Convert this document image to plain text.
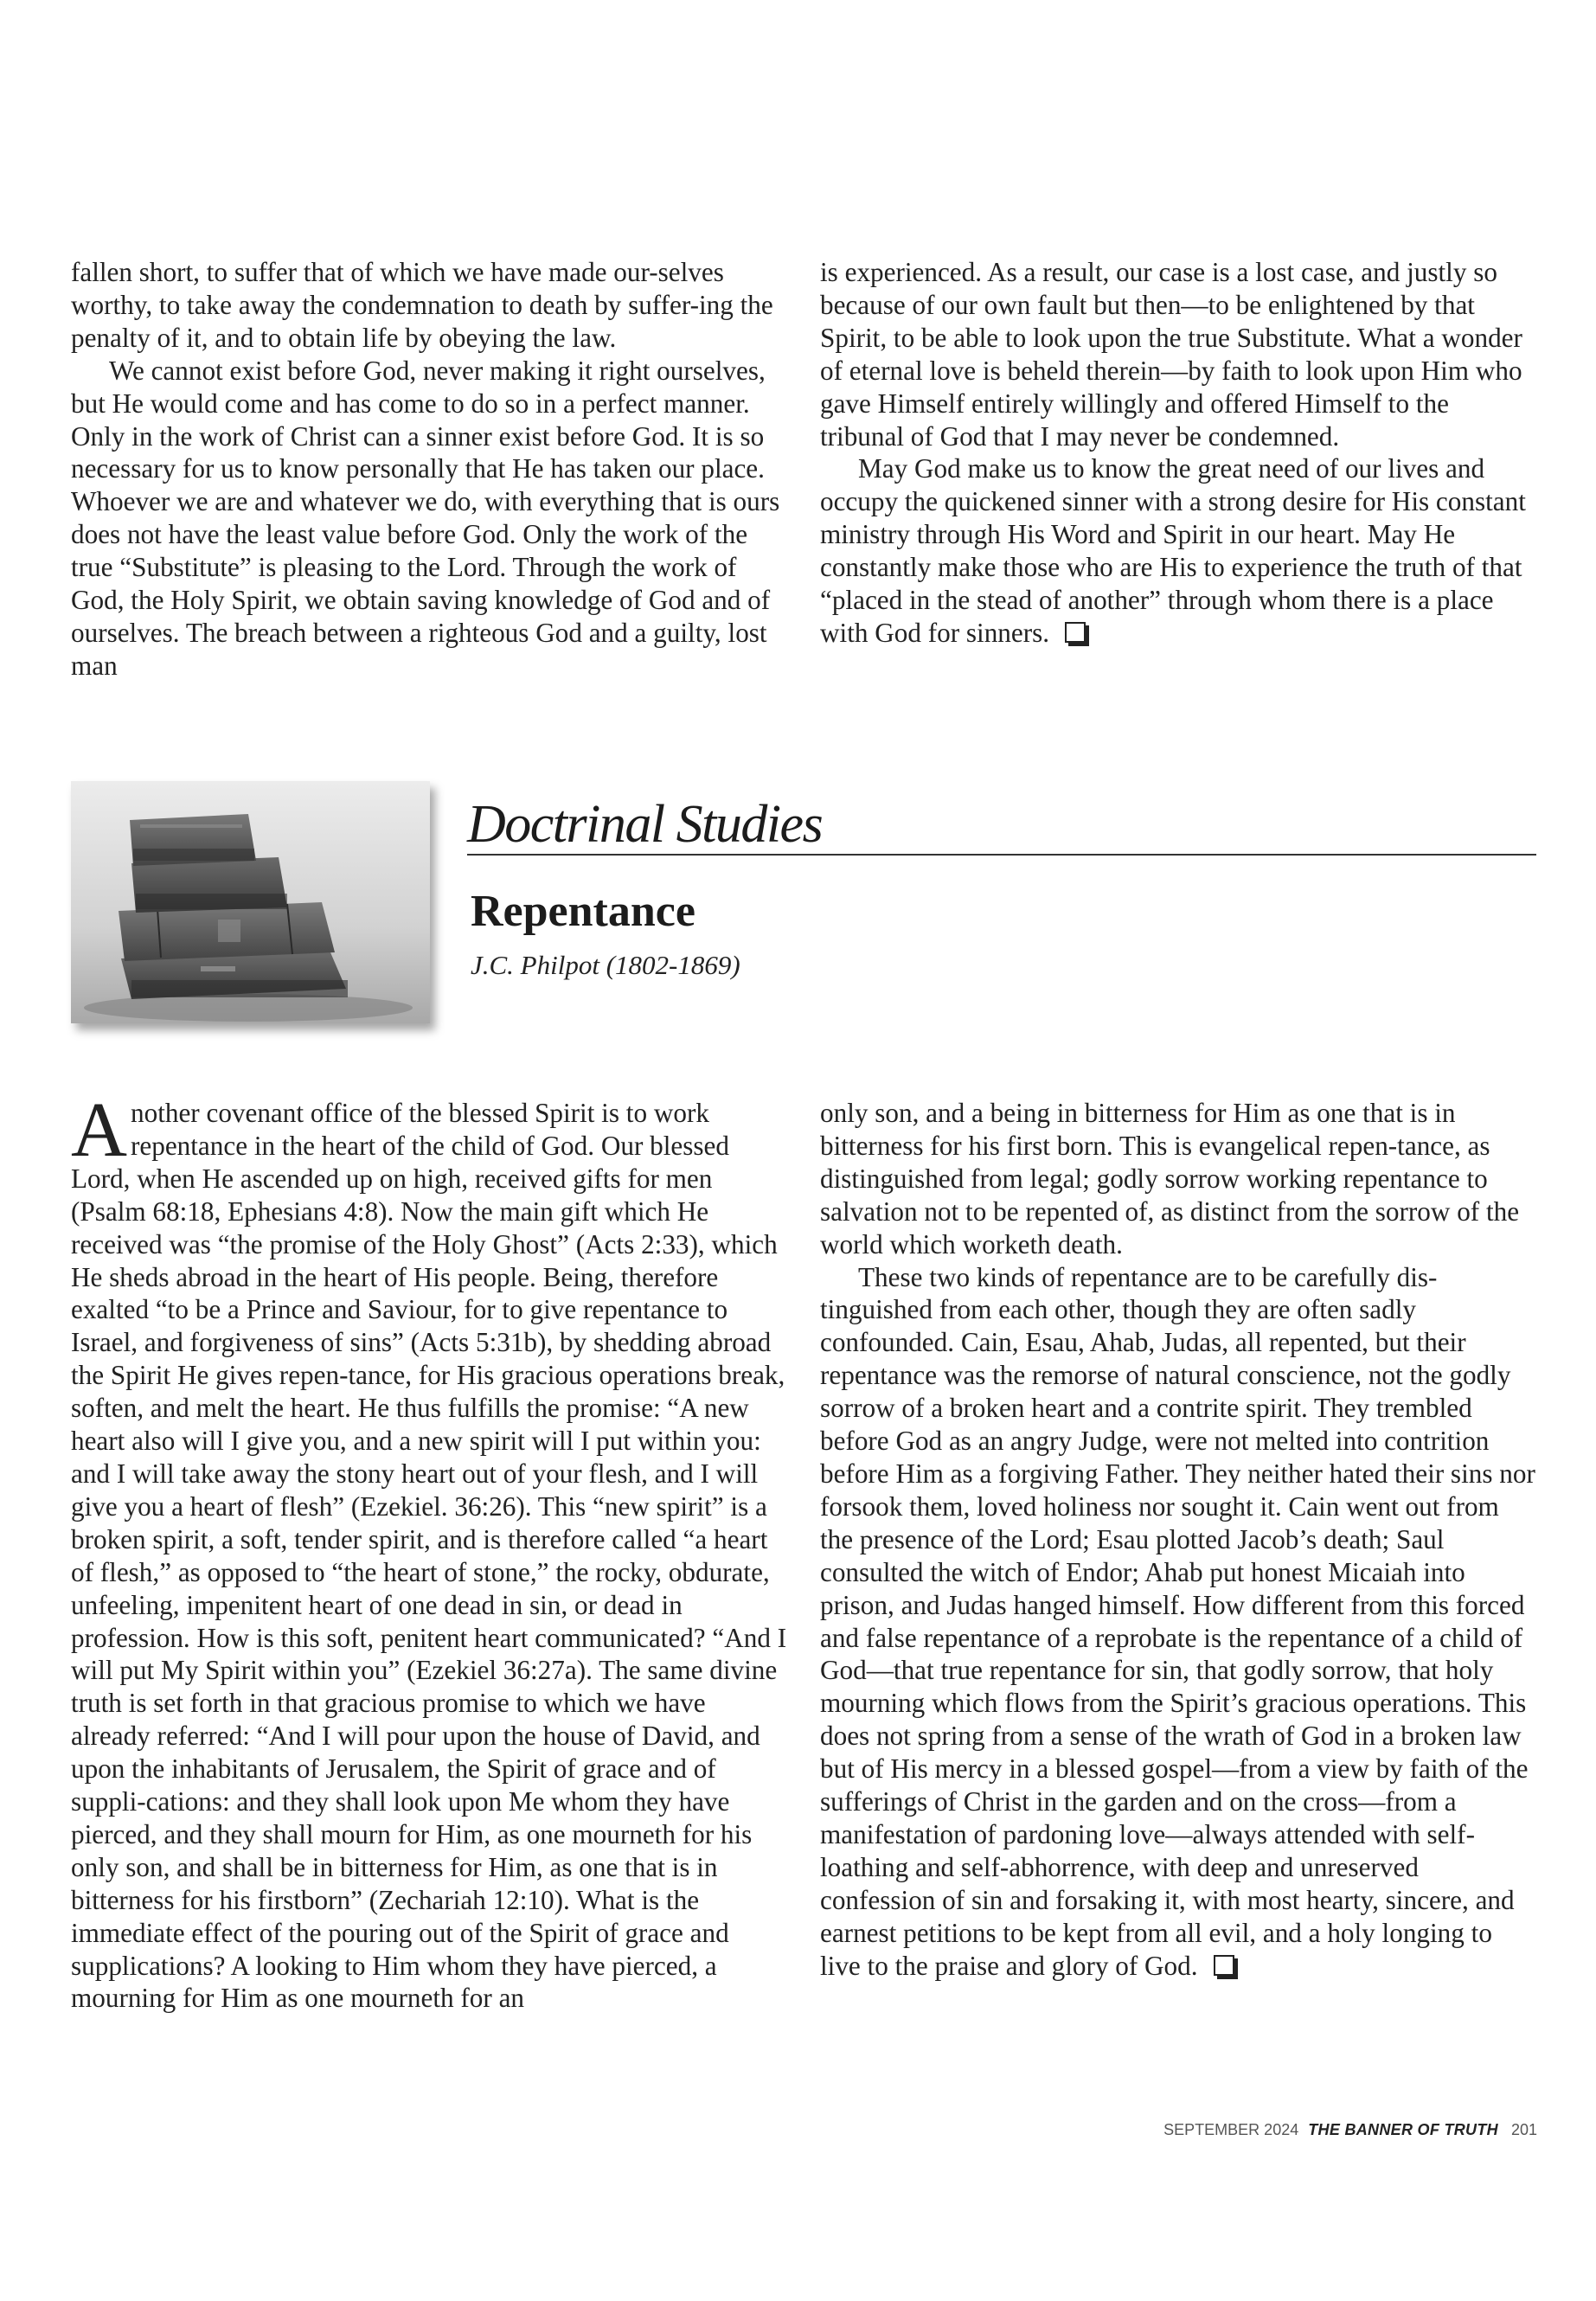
fallen short, to suffer that of which we have made our-selves worthy, to take away the condemnation to death by suffer-ing the penalty of it, and to obtain life by obeying the law.

We cannot exist before God, never making it right ourselves, but He would come and has come to do so in a perfect manner. Only in the work of Christ can a sinner exist before God. It is so necessary for us to know personally that He has taken our place. Whoever we are and whatever we do, with everything that is ours does not have the least value before God. Only the work of the true “Substitute” is pleasing to the Lord. Through the work of God, the Holy Spirit, we obtain saving knowledge of God and of ourselves. The breach between a righteous God and a guilty, lost man

is experienced. As a result, our case is a lost case, and justly so because of our own fault but then—to be enlightened by that Spirit, to be able to look upon the true Substitute. What a wonder of eternal love is beheld therein—by faith to look upon Him who gave Himself entirely willingly and offered Himself to the tribunal of God that I may never be condemned.

May God make us to know the great need of our lives and occupy the quickened sinner with a strong desire for His constant ministry through His Word and Spirit in our heart. May He constantly make those who are His to experience the truth of that “placed in the stead of another” through whom there is a place with God for sinners.

Doctrinal Studies
Repentance
J.C. Philpot (1802-1869)

Another covenant office of the blessed Spirit is to work repentance in the heart of the child of God. Our blessed Lord, when He ascended up on high, received gifts for men (Psalm 68:18, Ephesians 4:8). Now the main gift which He received was “the promise of the Holy Ghost” (Acts 2:33), which He sheds abroad in the heart of His people. Being, therefore exalted “to be a Prince and Saviour, for to give repentance to Israel, and forgiveness of sins” (Acts 5:31b), by shedding abroad the Spirit He gives repen-tance, for His gracious operations break, soften, and melt the heart. He thus fulfills the promise: “A new heart also will I give you, and a new spirit will I put within you: and I will take away the stony heart out of your flesh, and I will give you a heart of flesh” (Ezekiel. 36:26). This “new spirit” is a broken spirit, a soft, tender spirit, and is therefore called “a heart of flesh,” as opposed to “the heart of stone,” the rocky, obdurate, unfeeling, impenitent heart of one dead in sin, or dead in profession. How is this soft, penitent heart communicated? “And I will put My Spirit within you” (Ezekiel 36:27a). The same divine truth is set forth in that gracious promise to which we have already referred: “And I will pour upon the house of David, and upon the inhabitants of Jerusalem, the Spirit of grace and of suppli-cations: and they shall look upon Me whom they have pierced, and they shall mourn for Him, as one mourneth for his only son, and shall be in bitterness for Him, as one that is in bitterness for his firstborn” (Zechariah 12:10). What is the immediate effect of the pouring out of the Spirit of grace and supplications? A looking to Him whom they have pierced, a mourning for Him as one mourneth for an

only son, and a being in bitterness for Him as one that is in bitterness for his first born. This is evangelical repen-tance, as distinguished from legal; godly sorrow working repentance to salvation not to be repented of, as distinct from the sorrow of the world which worketh death.

These two kinds of repentance are to be carefully dis-tinguished from each other, though they are often sadly confounded. Cain, Esau, Ahab, Judas, all repented, but their repentance was the remorse of natural conscience, not the godly sorrow of a broken heart and a contrite spirit. They trembled before God as an angry Judge, were not melted into contrition before Him as a forgiving Father. They neither hated their sins nor forsook them, loved holiness nor sought it. Cain went out from the presence of the Lord; Esau plotted Jacob’s death; Saul consulted the witch of Endor; Ahab put honest Micaiah into prison, and Judas hanged himself. How different from this forced and false repentance of a reprobate is the repentance of a child of God—that true repentance for sin, that godly sorrow, that holy mourning which flows from the Spirit’s gracious operations. This does not spring from a sense of the wrath of God in a broken law but of His mercy in a blessed gospel—from a view by faith of the sufferings of Christ in the garden and on the cross—from a manifestation of pardoning love—always attended with self-loathing and self-abhorrence, with deep and unreserved confession of sin and forsaking it, with most hearty, sincere, and earnest petitions to be kept from all evil, and a holy longing to live to the praise and glory of God.

SEPTEMBER 2024 THE BANNER OF TRUTH 201
